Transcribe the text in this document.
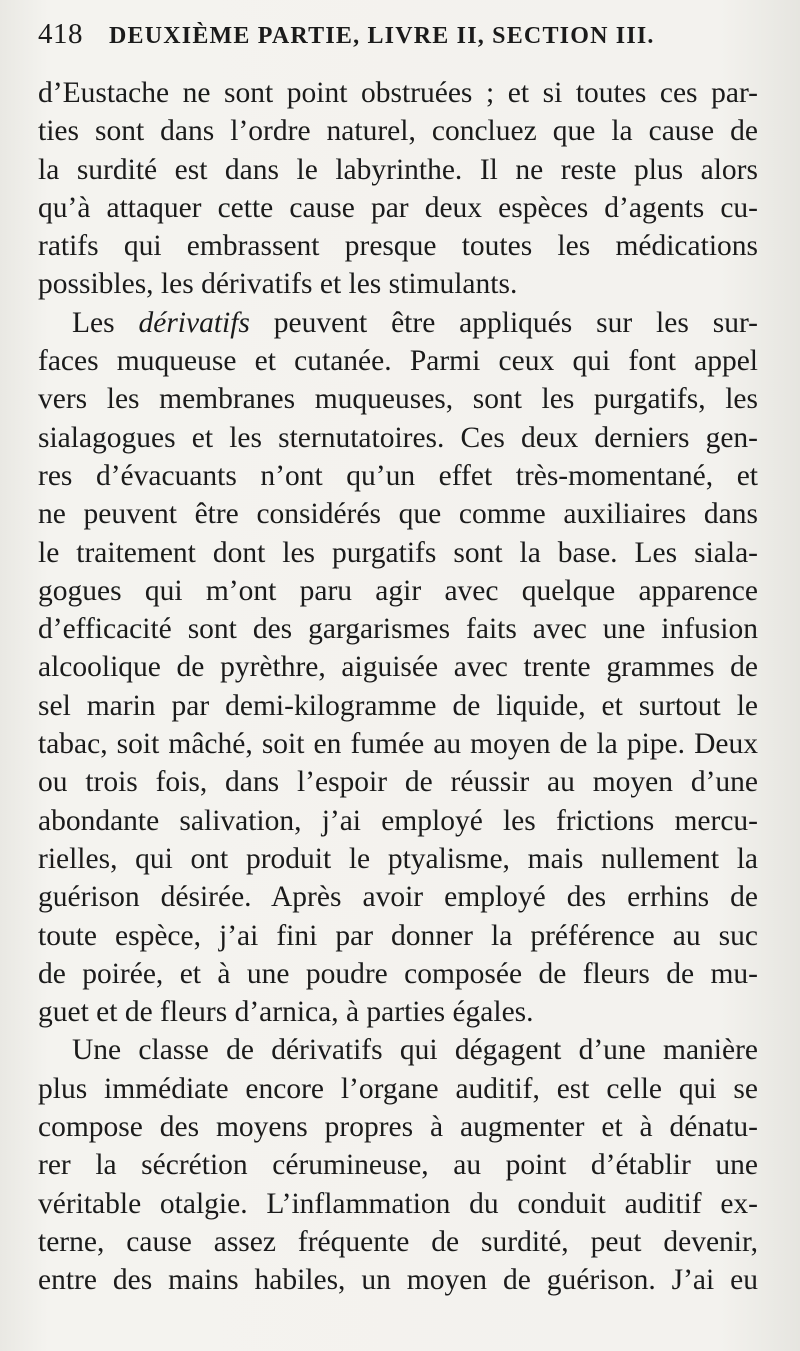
418 DEUXIÈME PARTIE, LIVRE II, SECTION III.
d’Eustache ne sont point obstruées ; et si toutes ces par-
ties sont dans l’ordre naturel, concluez que la cause de
la surdité est dans le labyrinthe. Il ne reste plus alors
qu’à attaquer cette cause par deux espèces d’agents cu-
ratifs qui embrassent presque toutes les médications
possibles, les dérivatifs et les stimulants.
Les dérivatifs peuvent être appliqués sur les sur-
faces muqueuse et cutanée. Parmi ceux qui font appel
vers les membranes muqueuses, sont les purgatifs, les
sialagogues et les sternutatoires. Ces deux derniers gen-
res d’évacuants n’ont qu’un effet très-momentané, et
ne peuvent être considérés que comme auxiliaires dans
le traitement dont les purgatifs sont la base. Les siala-
gogues qui m’ont paru agir avec quelque apparence
d’efficacité sont des gargarismes faits avec une infusion
alcoolique de pyrèthre, aiguisée avec trente grammes de
sel marin par demi-kilogramme de liquide, et surtout le
tabac, soit mâché, soit en fumée au moyen de la pipe. Deux
ou trois fois, dans l’espoir de réussir au moyen d’une
abondante salivation, j’ai employé les frictions mercu-
rielles, qui ont produit le ptyalisme, mais nullement la
guérison désirée. Après avoir employé des errhins de
toute espèce, j’ai fini par donner la préférence au suc
de poirée, et à une poudre composée de fleurs de mu-
guet et de fleurs d’arnica, à parties égales.
Une classe de dérivatifs qui dégagent d’une manière
plus immédiate encore l’organe auditif, est celle qui se
compose des moyens propres à augmenter et à dénatu-
rer la sécrétion cérumineuse, au point d’établir une
véritable otalgie. L’inflammation du conduit auditif ex-
terne, cause assez fréquente de surdité, peut devenir,
entre des mains habiles, un moyen de guérison. J’ai eu
